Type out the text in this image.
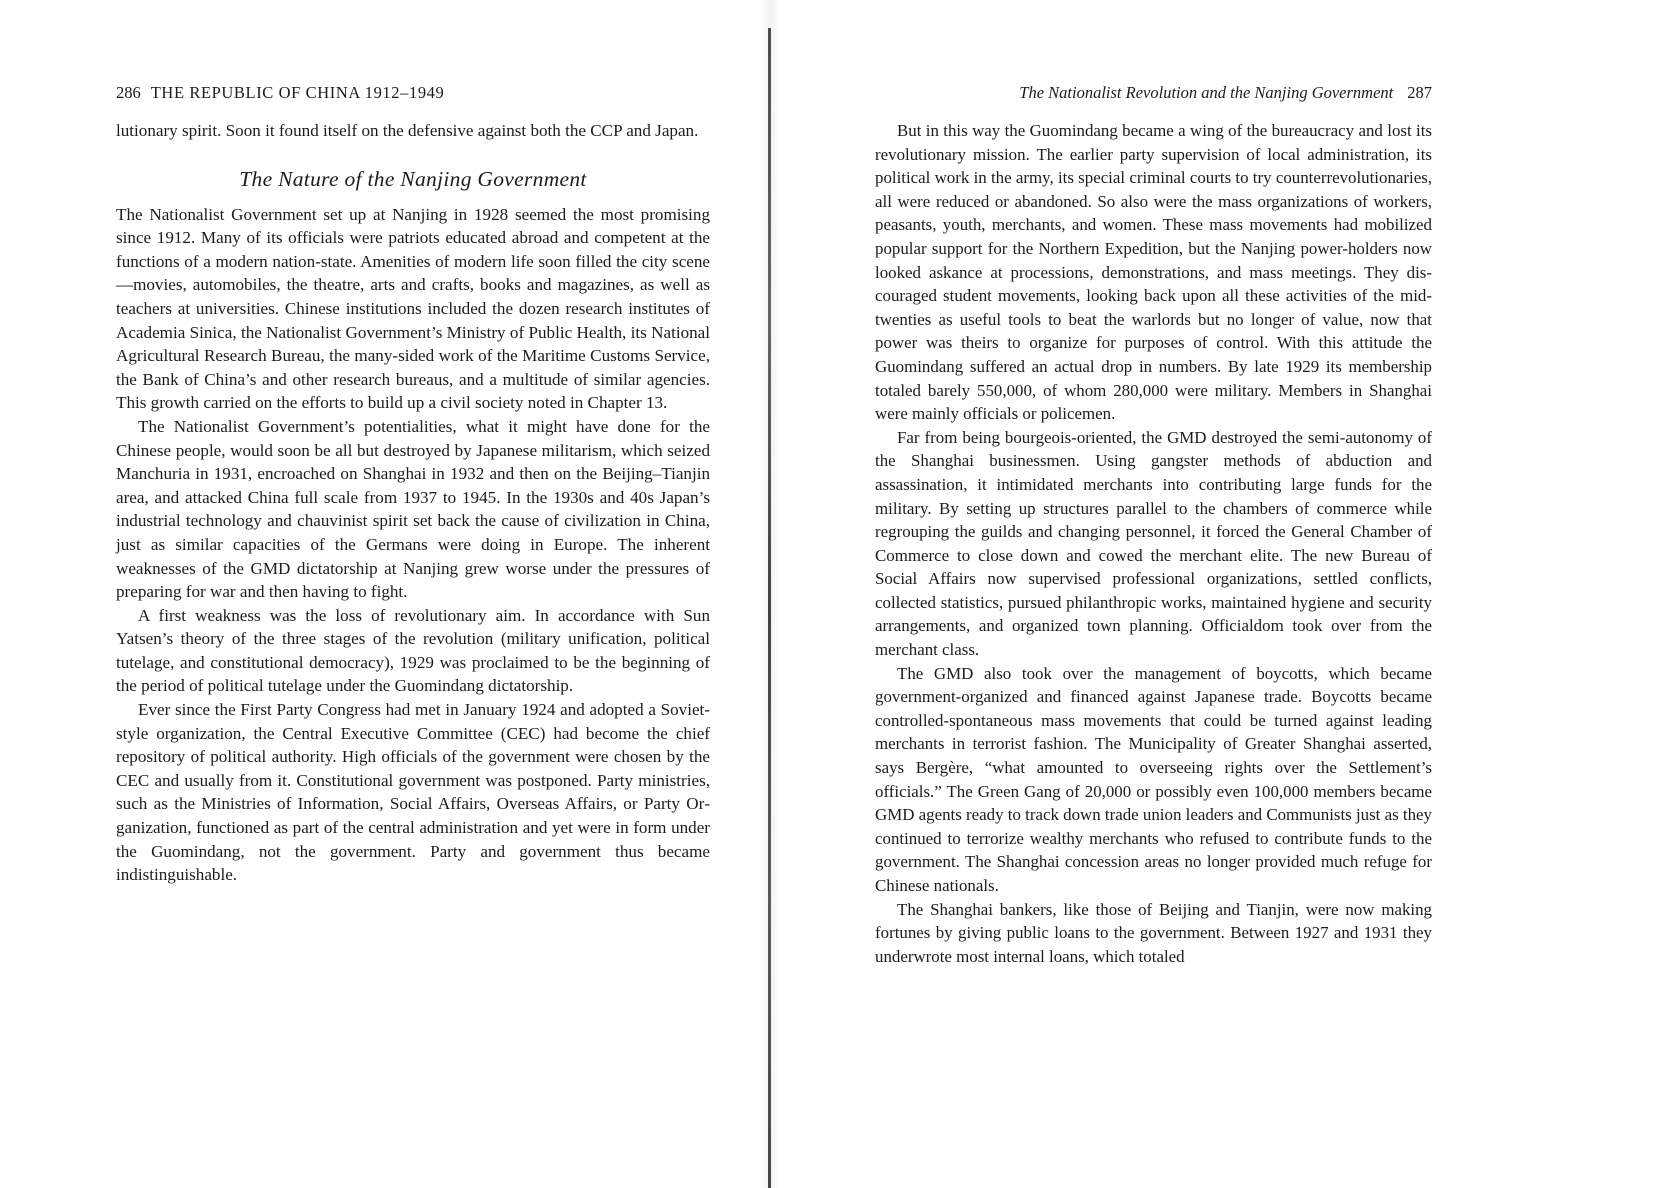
286 THE REPUBLIC OF CHINA 1912–1949

lutionary spirit. Soon it found itself on the defensive against both the CCP and Japan.

The Nature of the Nanjing Government

The Nationalist Government set up at Nanjing in 1928 seemed the most promising since 1912. Many of its officials were patriots educated abroad and competent at the functions of a modern nation-state. Amenities of modern life soon filled the city scene—movies, automobiles, the theatre, arts and crafts, books and magazines, as well as teachers at universities. Chinese institutions included the dozen research institutes of Academia Sinica, the Nationalist Government’s Ministry of Public Health, its National Agricultural Research Bureau, the many-sided work of the Maritime Customs Service, the Bank of China’s and other research bureaus, and a multitude of similar agencies. This growth carried on the efforts to build up a civil society noted in Chapter 13.

The Nationalist Government’s potentialities, what it might have done for the Chinese people, would soon be all but destroyed by Japanese militarism, which seized Manchuria in 1931, encroached on Shanghai in 1932 and then on the Beijing–Tianjin area, and attacked China full scale from 1937 to 1945. In the 1930s and 40s Japan’s industrial technology and chauvinist spirit set back the cause of civilization in China, just as similar capacities of the Germans were doing in Europe. The inherent weaknesses of the GMD dictatorship at Nanjing grew worse under the pressures of preparing for war and then having to fight.

A first weakness was the loss of revolutionary aim. In accordance with Sun Yatsen’s theory of the three stages of the revolution (military unification, political tutelage, and constitutional democracy), 1929 was proclaimed to be the beginning of the period of political tutelage under the Guomindang dictatorship.

Ever since the First Party Congress had met in January 1924 and adopted a Soviet-style organization, the Central Executive Committee (CEC) had become the chief repository of political authority. High officials of the government were chosen by the CEC and usually from it. Constitutional government was postponed. Party ministries, such as the Ministries of Information, Social Affairs, Overseas Affairs, or Party Organization, functioned as part of the central administration and yet were in form under the Guomindang, not the government. Party and government thus became indistinguishable.

The Nationalist Revolution and the Nanjing Government 287

But in this way the Guomindang became a wing of the bureaucracy and lost its revolutionary mission. The earlier party supervision of local administration, its political work in the army, its special criminal courts to try counterrevolutionaries, all were reduced or abandoned. So also were the mass organizations of workers, peasants, youth, merchants, and women. These mass movements had mobilized popular support for the Northern Expedition, but the Nanjing power-holders now looked askance at processions, demonstrations, and mass meetings. They discouraged student movements, looking back upon all these activities of the mid-twenties as useful tools to beat the warlords but no longer of value, now that power was theirs to organize for purposes of control. With this attitude the Guomindang suffered an actual drop in numbers. By late 1929 its membership totaled barely 550,000, of whom 280,000 were military. Members in Shanghai were mainly officials or policemen.

Far from being bourgeois-oriented, the GMD destroyed the semi-autonomy of the Shanghai businessmen. Using gangster methods of abduction and assassination, it intimidated merchants into contributing large funds for the military. By setting up structures parallel to the chambers of commerce while regrouping the guilds and changing personnel, it forced the General Chamber of Commerce to close down and cowed the merchant elite. The new Bureau of Social Affairs now supervised professional organizations, settled conflicts, collected statistics, pursued philanthropic works, maintained hygiene and security arrangements, and organized town planning. Officialdom took over from the merchant class.

The GMD also took over the management of boycotts, which became government-organized and financed against Japanese trade. Boycotts became controlled-spontaneous mass movements that could be turned against leading merchants in terrorist fashion. The Municipality of Greater Shanghai asserted, says Bergère, “what amounted to overseeing rights over the Settlement’s officials.” The Green Gang of 20,000 or possibly even 100,000 members became GMD agents ready to track down trade union leaders and Communists just as they continued to terrorize wealthy merchants who refused to contribute funds to the government. The Shanghai concession areas no longer provided much refuge for Chinese nationals.

The Shanghai bankers, like those of Beijing and Tianjin, were now making fortunes by giving public loans to the government. Between 1927 and 1931 they underwrote most internal loans, which totaled
